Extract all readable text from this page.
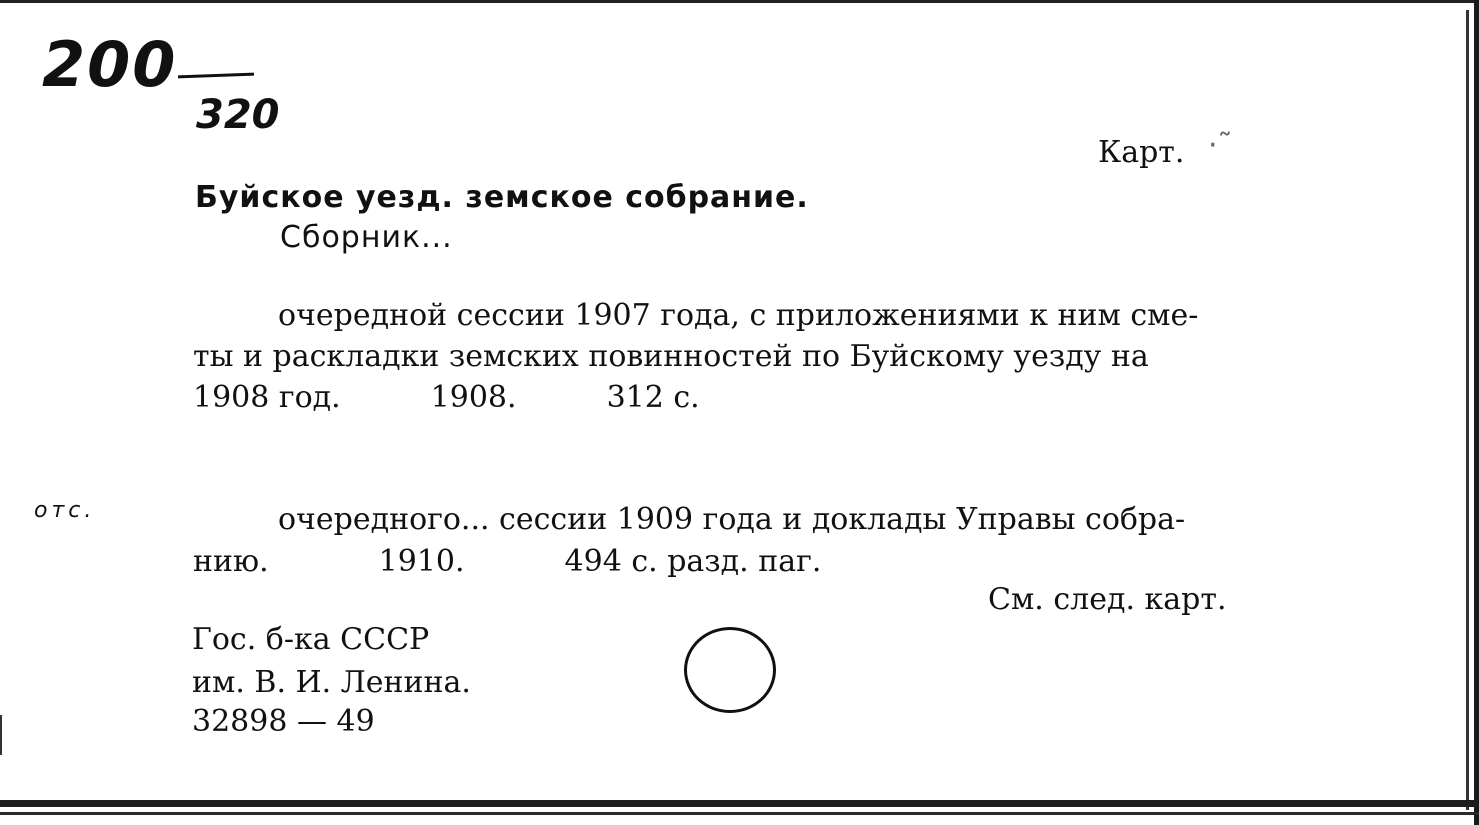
200
320
отс.
Карт. ·˜
Буйское уезд. земское собрание.
Сборник...
очередной сессии 1907 года, с приложениями к ним сме-
ты и раскладки земских повинностей по Буйскому уезду на
1908 год.	1908.	312 с.
очередного... сессии 1909 года и доклады Управы собра-
нию.	1910.	494 с. разд. паг.
См. след. карт.
Гос. б-ка СССР
им. В. И. Ленина.
32898 — 49
